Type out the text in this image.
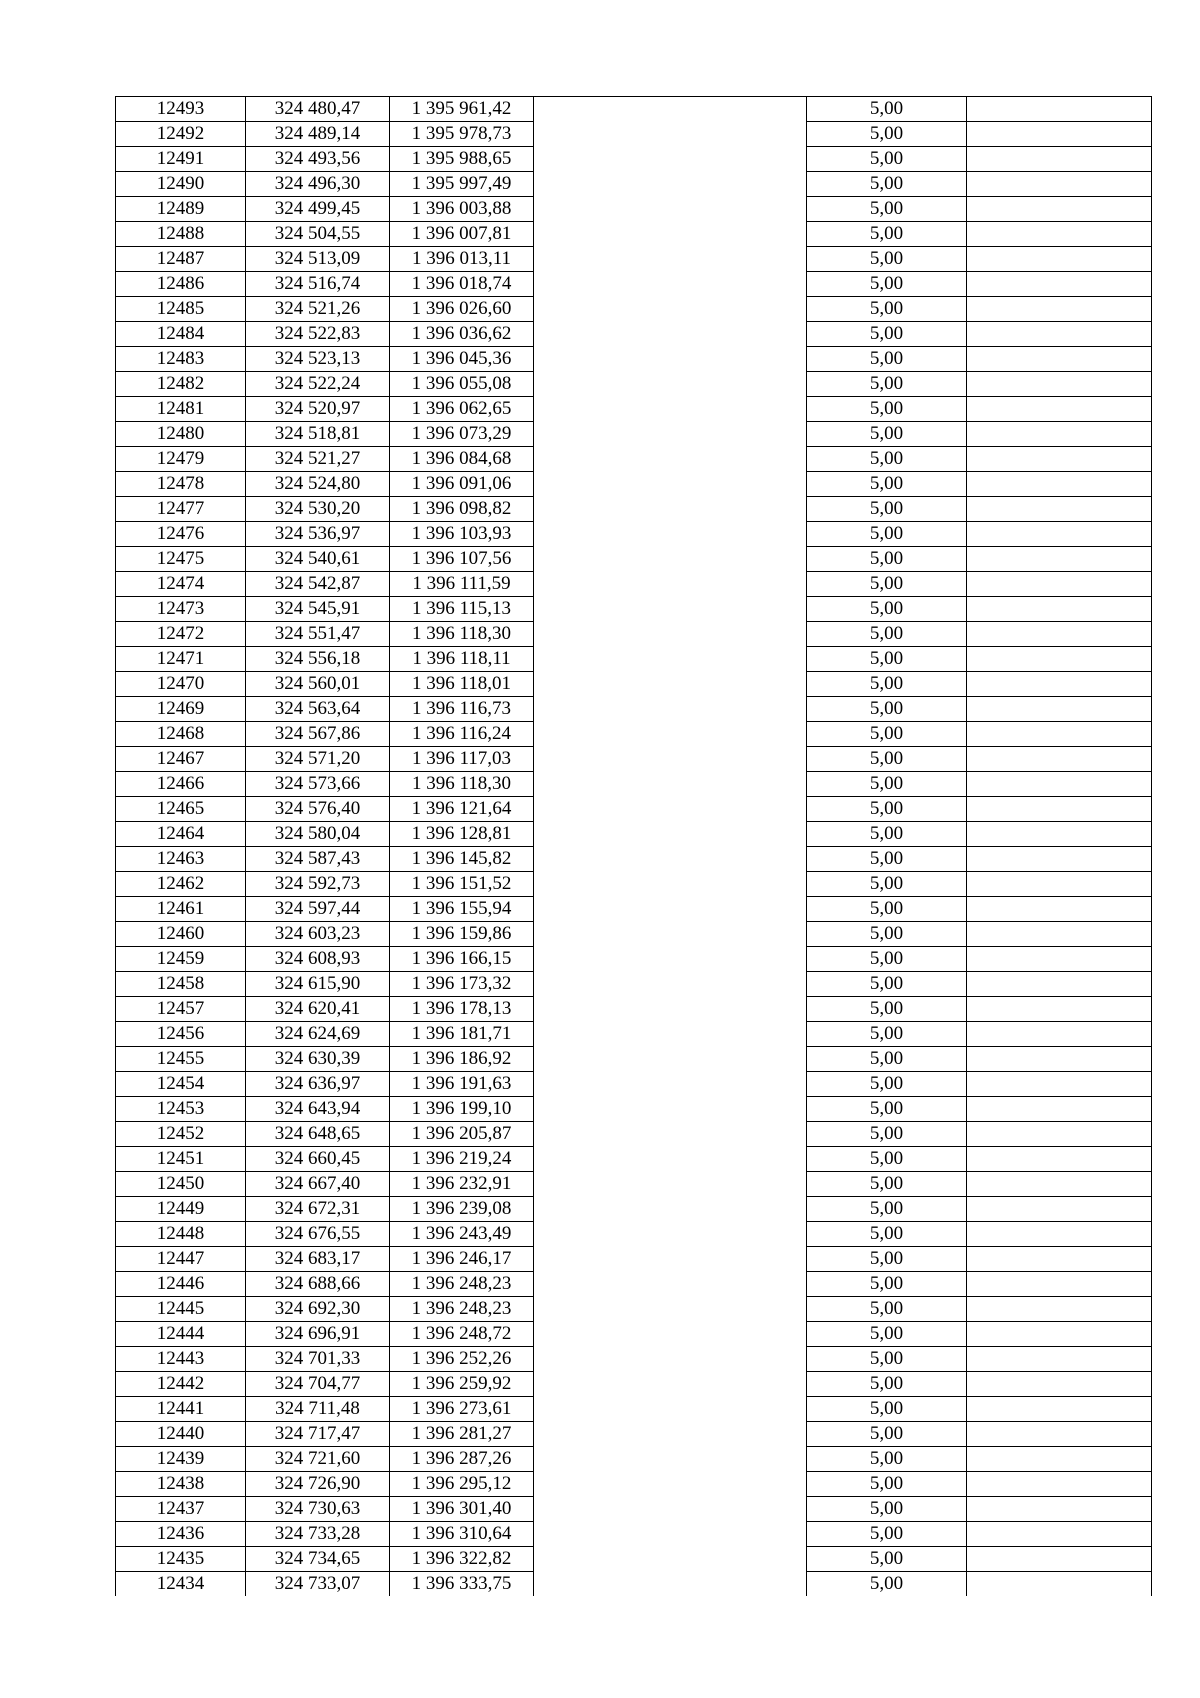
12493	324 480,47	1 395 961,42		5,00	
12492	324 489,14	1 395 978,73		5,00	
12491	324 493,56	1 395 988,65		5,00	
12490	324 496,30	1 395 997,49		5,00	
12489	324 499,45	1 396 003,88		5,00	
12488	324 504,55	1 396 007,81		5,00	
12487	324 513,09	1 396 013,11		5,00	
12486	324 516,74	1 396 018,74		5,00	
12485	324 521,26	1 396 026,60		5,00	
12484	324 522,83	1 396 036,62		5,00	
12483	324 523,13	1 396 045,36		5,00	
12482	324 522,24	1 396 055,08		5,00	
12481	324 520,97	1 396 062,65		5,00	
12480	324 518,81	1 396 073,29		5,00	
12479	324 521,27	1 396 084,68		5,00	
12478	324 524,80	1 396 091,06		5,00	
12477	324 530,20	1 396 098,82		5,00	
12476	324 536,97	1 396 103,93		5,00	
12475	324 540,61	1 396 107,56		5,00	
12474	324 542,87	1 396 111,59		5,00	
12473	324 545,91	1 396 115,13		5,00	
12472	324 551,47	1 396 118,30		5,00	
12471	324 556,18	1 396 118,11		5,00	
12470	324 560,01	1 396 118,01		5,00	
12469	324 563,64	1 396 116,73		5,00	
12468	324 567,86	1 396 116,24		5,00	
12467	324 571,20	1 396 117,03		5,00	
12466	324 573,66	1 396 118,30		5,00	
12465	324 576,40	1 396 121,64		5,00	
12464	324 580,04	1 396 128,81		5,00	
12463	324 587,43	1 396 145,82		5,00	
12462	324 592,73	1 396 151,52		5,00	
12461	324 597,44	1 396 155,94		5,00	
12460	324 603,23	1 396 159,86		5,00	
12459	324 608,93	1 396 166,15		5,00	
12458	324 615,90	1 396 173,32		5,00	
12457	324 620,41	1 396 178,13		5,00	
12456	324 624,69	1 396 181,71		5,00	
12455	324 630,39	1 396 186,92		5,00	
12454	324 636,97	1 396 191,63		5,00	
12453	324 643,94	1 396 199,10		5,00	
12452	324 648,65	1 396 205,87		5,00	
12451	324 660,45	1 396 219,24		5,00	
12450	324 667,40	1 396 232,91		5,00	
12449	324 672,31	1 396 239,08		5,00	
12448	324 676,55	1 396 243,49		5,00	
12447	324 683,17	1 396 246,17		5,00	
12446	324 688,66	1 396 248,23		5,00	
12445	324 692,30	1 396 248,23		5,00	
12444	324 696,91	1 396 248,72		5,00	
12443	324 701,33	1 396 252,26		5,00	
12442	324 704,77	1 396 259,92		5,00	
12441	324 711,48	1 396 273,61		5,00	
12440	324 717,47	1 396 281,27		5,00	
12439	324 721,60	1 396 287,26		5,00	
12438	324 726,90	1 396 295,12		5,00	
12437	324 730,63	1 396 301,40		5,00	
12436	324 733,28	1 396 310,64		5,00	
12435	324 734,65	1 396 322,82		5,00	
12434	324 733,07	1 396 333,75		5,00	
